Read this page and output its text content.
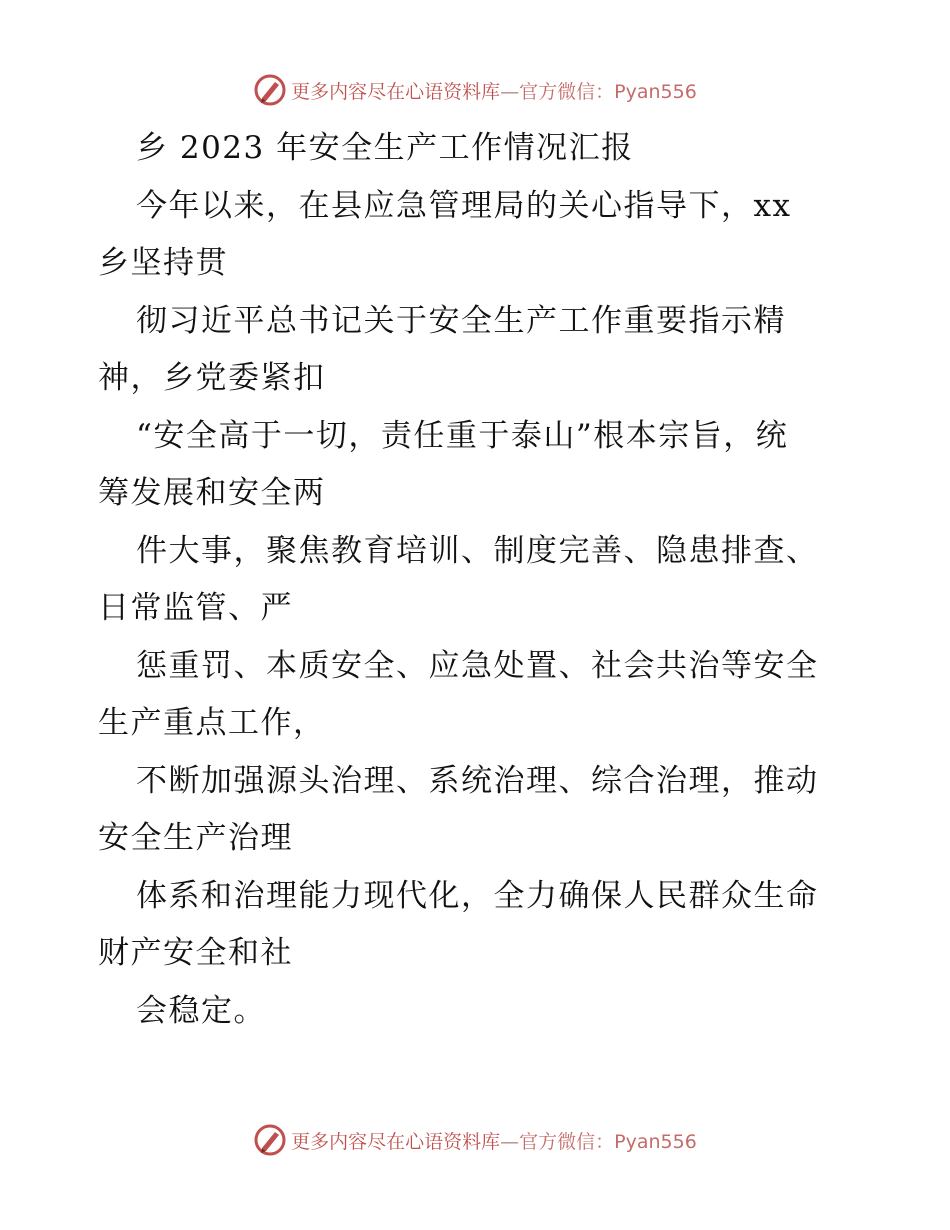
更多内容尽在心语资料库—官方微信：Pyan556
乡 2023 年安全生产工作情况汇报
今年以来，在县应急管理局的关心指导下，xx
乡坚持贯
彻习近平总书记关于安全生产工作重要指示精
神，乡党委紧扣
“安全高于一切，责任重于泰山”根本宗旨，统
筹发展和安全两
件大事，聚焦教育培训、制度完善、隐患排查、
日常监管、严
惩重罚、本质安全、应急处置、社会共治等安全
生产重点工作，
不断加强源头治理、系统治理、综合治理，推动
安全生产治理
体系和治理能力现代化，全力确保人民群众生命
财产安全和社
会稳定。
更多内容尽在心语资料库—官方微信：Pyan556
